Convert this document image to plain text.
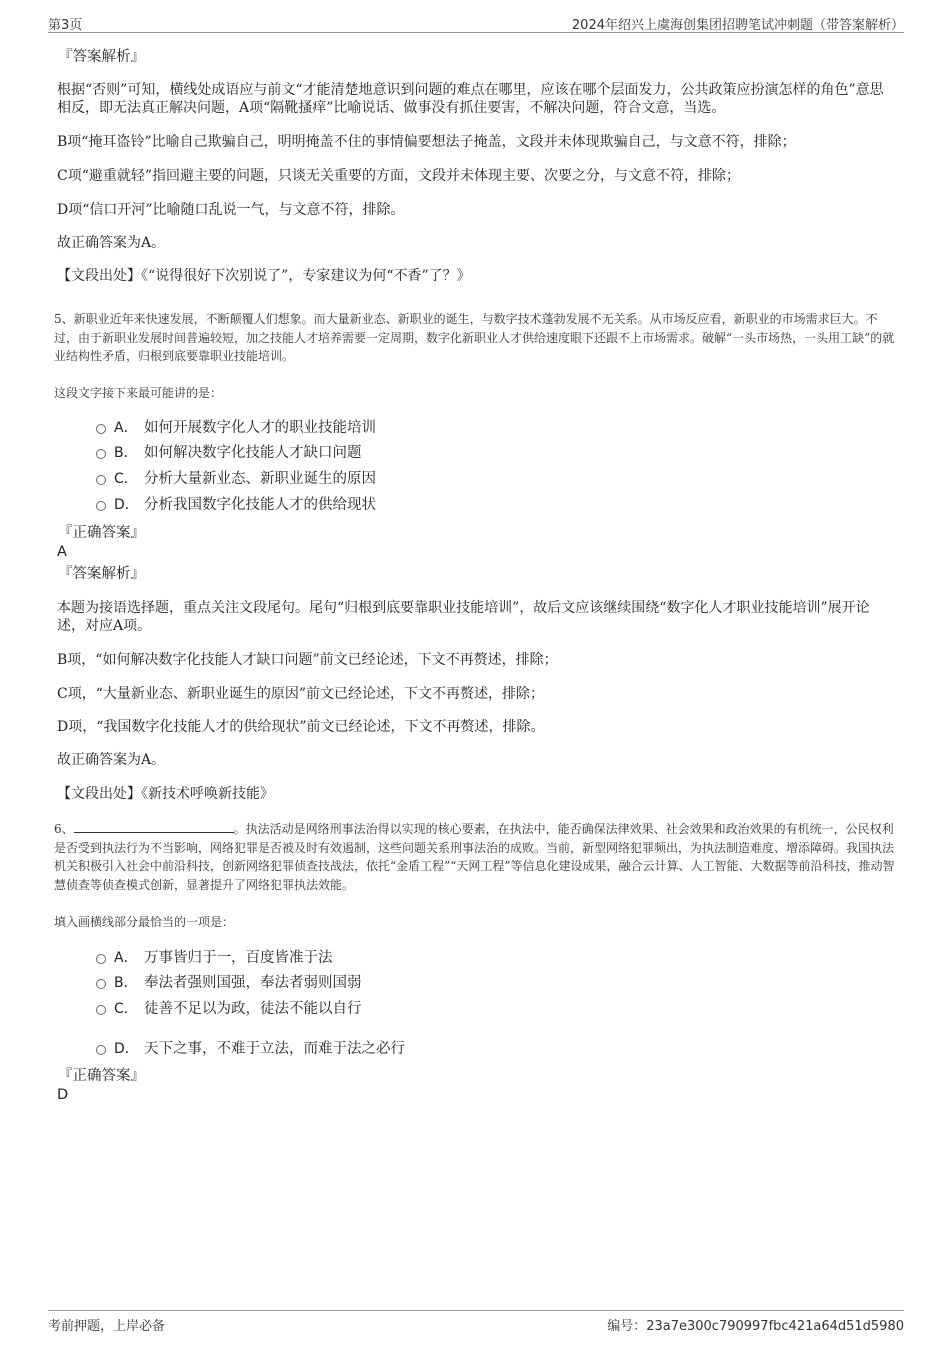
第3页	2024年绍兴上虞海创集团招聘笔试冲刺题（带答案解析）
『答案解析』

根据“否则”可知，横线处成语应与前文“才能清楚地意识到问题的难点在哪里，应该在哪个层面发力，公共政策应扮演怎样的角色”意思相反，即无法真正解决问题，A项“隔靴搔痒”比喻说话、做事没有抓住要害，不解决问题，符合文意，当选。

B项“掩耳盗铃”比喻自己欺骗自己，明明掩盖不住的事情偏要想法子掩盖，文段并未体现欺骗自己，与文意不符，排除；

C项“避重就轻”指回避主要的问题，只谈无关重要的方面，文段并未体现主要、次要之分，与文意不符，排除；

D项“信口开河”比喻随口乱说一气，与文意不符，排除。

故正确答案为A。

【文段出处】《“说得很好下次别说了”，专家建议为何“不香”了？》

5、新职业近年来快速发展，不断颠覆人们想象。而大量新业态、新职业的诞生，与数字技术蓬勃发展不无关系。从市场反应看，新职业的市场需求巨大。不过，由于新职业发展时间普遍较短，加之技能人才培养需要一定周期，数字化新职业人才供给速度眼下还跟不上市场需求。破解“一头市场热，一头用工缺”的就业结构性矛盾，归根到底要靠职业技能培训。

这段文字接下来最可能讲的是：

A． 如何开展数字化人才的职业技能培训
B． 如何解决数字化技能人才缺口问题
C． 分析大量新业态、新职业诞生的原因
D． 分析我国数字化技能人才的供给现状
『正确答案』
A
『答案解析』

本题为接语选择题，重点关注文段尾句。尾句“归根到底要靠职业技能培训”，故后文应该继续围绕“数字化人才职业技能培训”展开论述，对应A项。

B项，“如何解决数字化技能人才缺口问题”前文已经论述，下文不再赘述，排除；

C项，“大量新业态、新职业诞生的原因”前文已经论述，下文不再赘述，排除；

D项，“我国数字化技能人才的供给现状”前文已经论述，下文不再赘述，排除。

故正确答案为A。

【文段出处】《新技术呼唤新技能》

6、	。执法活动是网络刑事法治得以实现的核心要素，在执法中，能否确保法律效果、社会效果和政治效果的有机统一，公民权利是否受到执法行为不当影响，网络犯罪是否被及时有效遏制，这些问题关系刑事法治的成败。当前，新型网络犯罪频出，为执法制造难度、增添障碍。我国执法机关积极引入社会中前沿科技，创新网络犯罪侦查技战法，依托“金盾工程”“天网工程”等信息化建设成果，融合云计算、人工智能、大数据等前沿科技，推动智慧侦查等侦查模式创新，显著提升了网络犯罪执法效能。

填入画横线部分最恰当的一项是：

A． 万事皆归于一，百度皆准于法
B． 奉法者强则国强，奉法者弱则国弱
C． 徒善不足以为政，徒法不能以自行
D． 天下之事，不难于立法，而难于法之必行
『正确答案』
D
考前押题，上岸必备	编号：23a7e300c790997fbc421a64d51d5980
